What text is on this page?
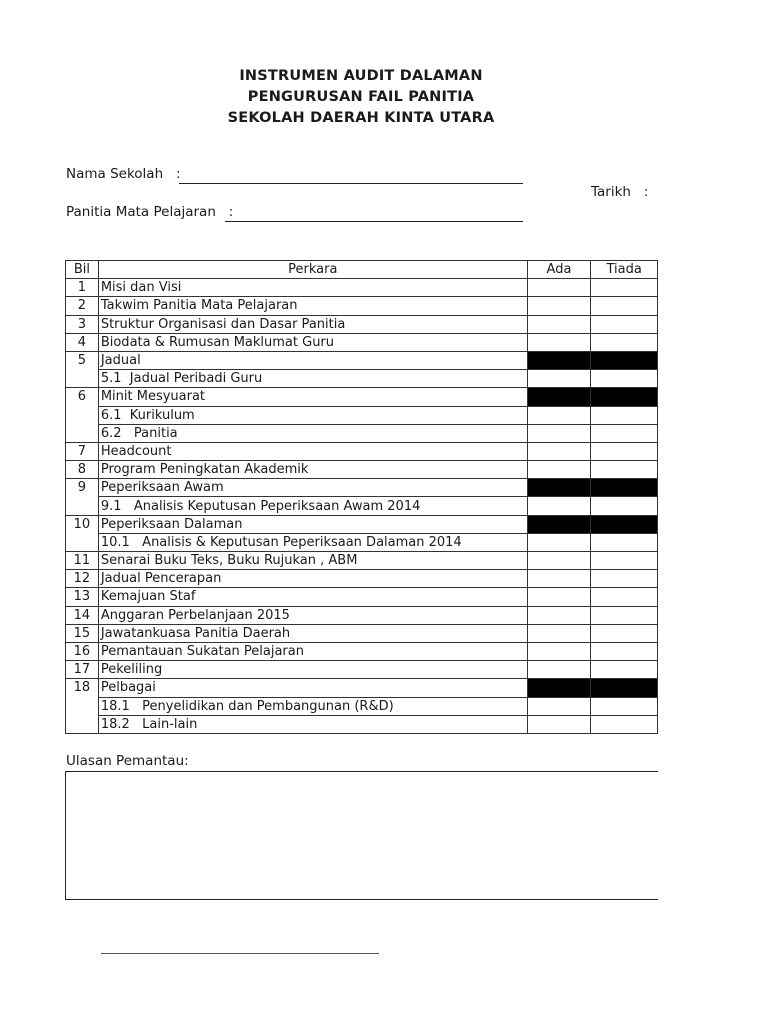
INSTRUMEN AUDIT DALAMAN
PENGURUSAN FAIL PANITIA
SEKOLAH DAERAH KINTA UTARA
Nama Sekolah   :
Tarikh   :
Panitia Mata Pelajaran   :
Bil	Perkara	Ada	Tiada
1	Misi dan Visi		
2	Takwim Panitia Mata Pelajaran		
3	Struktur Organisasi dan Dasar Panitia		
4	Biodata & Rumusan Maklumat Guru		
5	Jadual		
	5.1  Jadual Peribadi Guru		
6	Minit Mesyuarat		
	6.1  Kurikulum		
	6.2   Panitia		
7	Headcount		
8	Program Peningkatan Akademik		
9	Peperiksaan Awam		
	9.1   Analisis Keputusan Peperiksaan Awam 2014		
10	Peperiksaan Dalaman		
	10.1   Analisis & Keputusan Peperiksaan Dalaman 2014		
11	Senarai Buku Teks, Buku Rujukan , ABM		
12	Jadual Pencerapan		
13	Kemajuan Staf		
14	Anggaran Perbelanjaan 2015		
15	Jawatankuasa Panitia Daerah		
16	Pemantauan Sukatan Pelajaran		
17	Pekeliling		
18	Pelbagai		
	18.1   Penyelidikan dan Pembangunan (R&D)		
	18.2   Lain-lain		
Ulasan Pemantau:
